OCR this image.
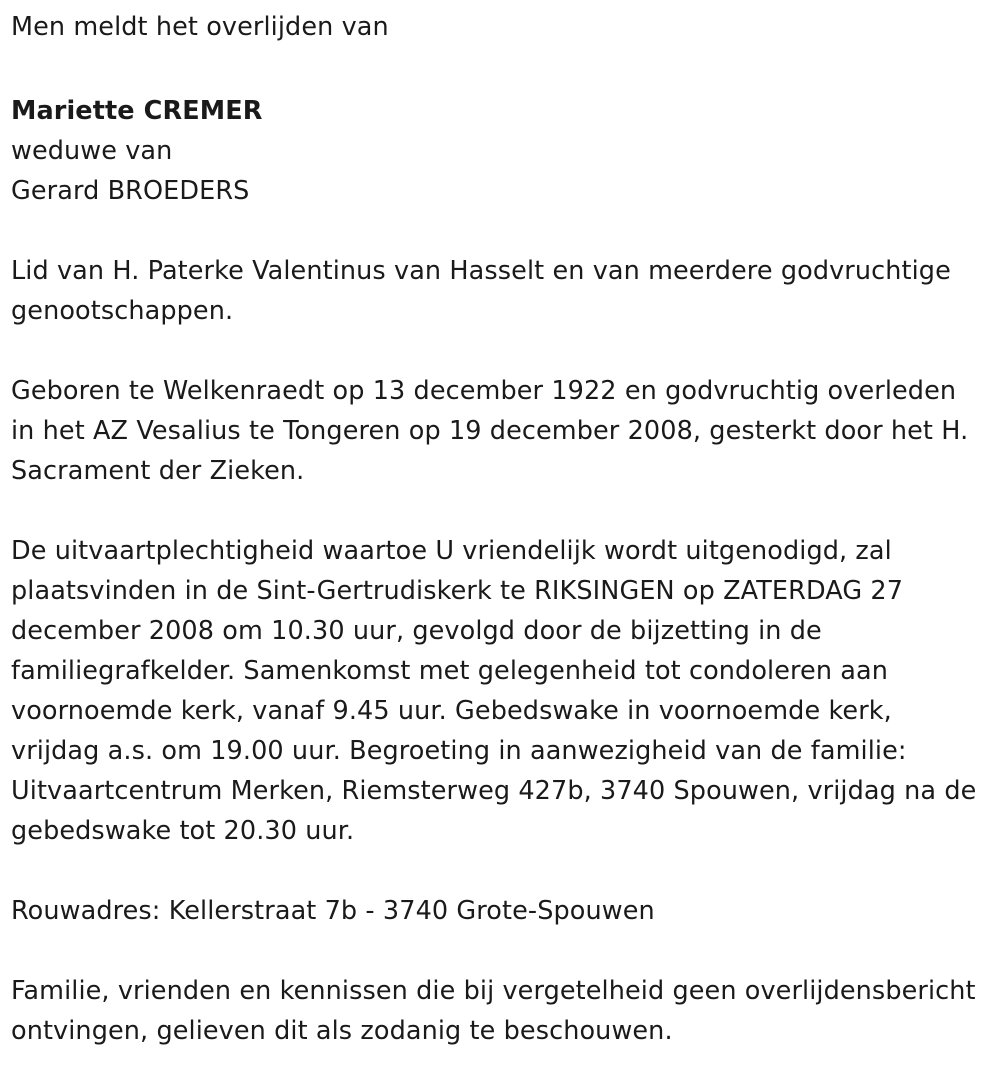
Men meldt het overlijden van

Mariette CREMER

weduwe van

Gerard BROEDERS

Lid van H. Paterke Valentinus van Hasselt en van meerdere godvruchtige genootschappen.

Geboren te Welkenraedt op 13 december 1922 en godvruchtig overleden in het AZ Vesalius te Tongeren op 19 december 2008, gesterkt door het H. Sacrament der Zieken.

De uitvaartplechtigheid waartoe U vriendelijk wordt uitgenodigd, zal plaatsvinden in de Sint-Gertrudiskerk te RIKSINGEN op ZATERDAG 27 december 2008 om 10.30 uur, gevolgd door de bijzetting in de familiegrafkelder. Samenkomst met gelegenheid tot condoleren aan voornoemde kerk, vanaf 9.45 uur. Gebedswake in voornoemde kerk, vrijdag a.s. om 19.00 uur. Begroeting in aanwezigheid van de familie: Uitvaartcentrum Merken, Riemsterweg 427b, 3740 Spouwen, vrijdag na de gebedswake tot 20.30 uur.

Rouwadres: Kellerstraat 7b - 3740 Grote-Spouwen

Familie, vrienden en kennissen die bij vergetelheid geen overlijdensbericht ontvingen, gelieven dit als zodanig te beschouwen.
